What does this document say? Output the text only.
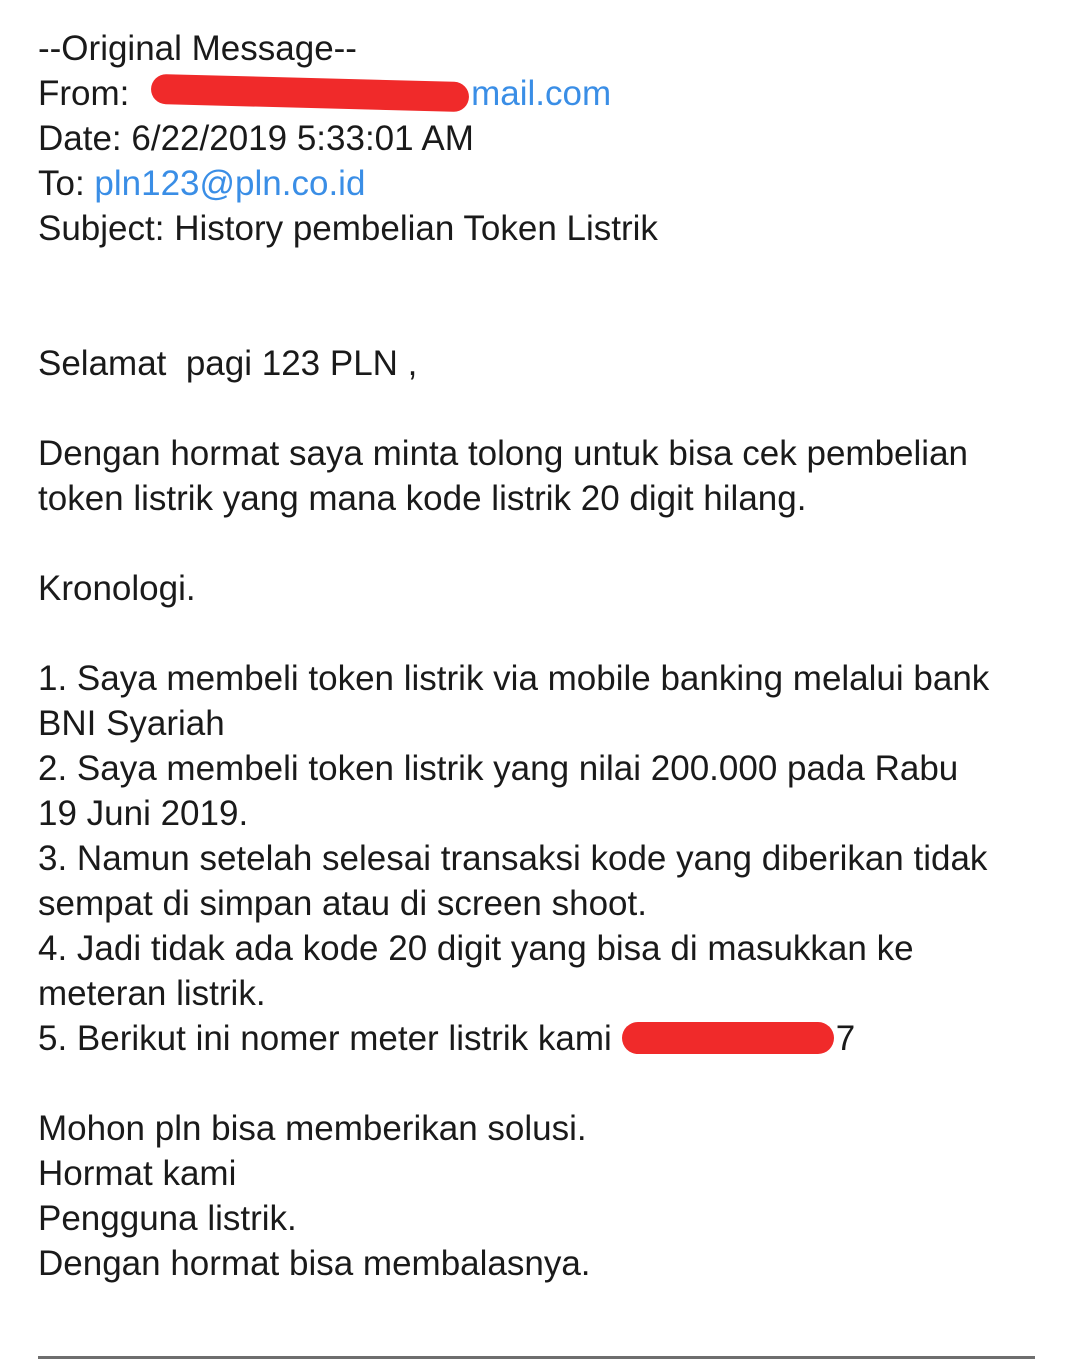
--Original Message--
From:	mail.com
Date: 6/22/2019 5:33:01 AM
To: pln123@pln.co.id
Subject: History pembelian Token Listrik
Selamat  pagi 123 PLN ,
Dengan hormat saya minta tolong untuk bisa cek pembelian token listrik yang mana kode listrik 20 digit hilang.
Kronologi.
1. Saya membeli token listrik via mobile banking melalui bank BNI Syariah
2. Saya membeli token listrik yang nilai 200.000 pada Rabu 19 Juni 2019.
3. Namun setelah selesai transaksi kode yang diberikan tidak sempat di simpan atau di screen shoot.
4. Jadi tidak ada kode 20 digit yang bisa di masukkan ke meteran listrik.
5. Berikut ini nomer meter listrik kami	7
Mohon pln bisa memberikan solusi.
Hormat kami
Pengguna listrik.
Dengan hormat bisa membalasnya.
